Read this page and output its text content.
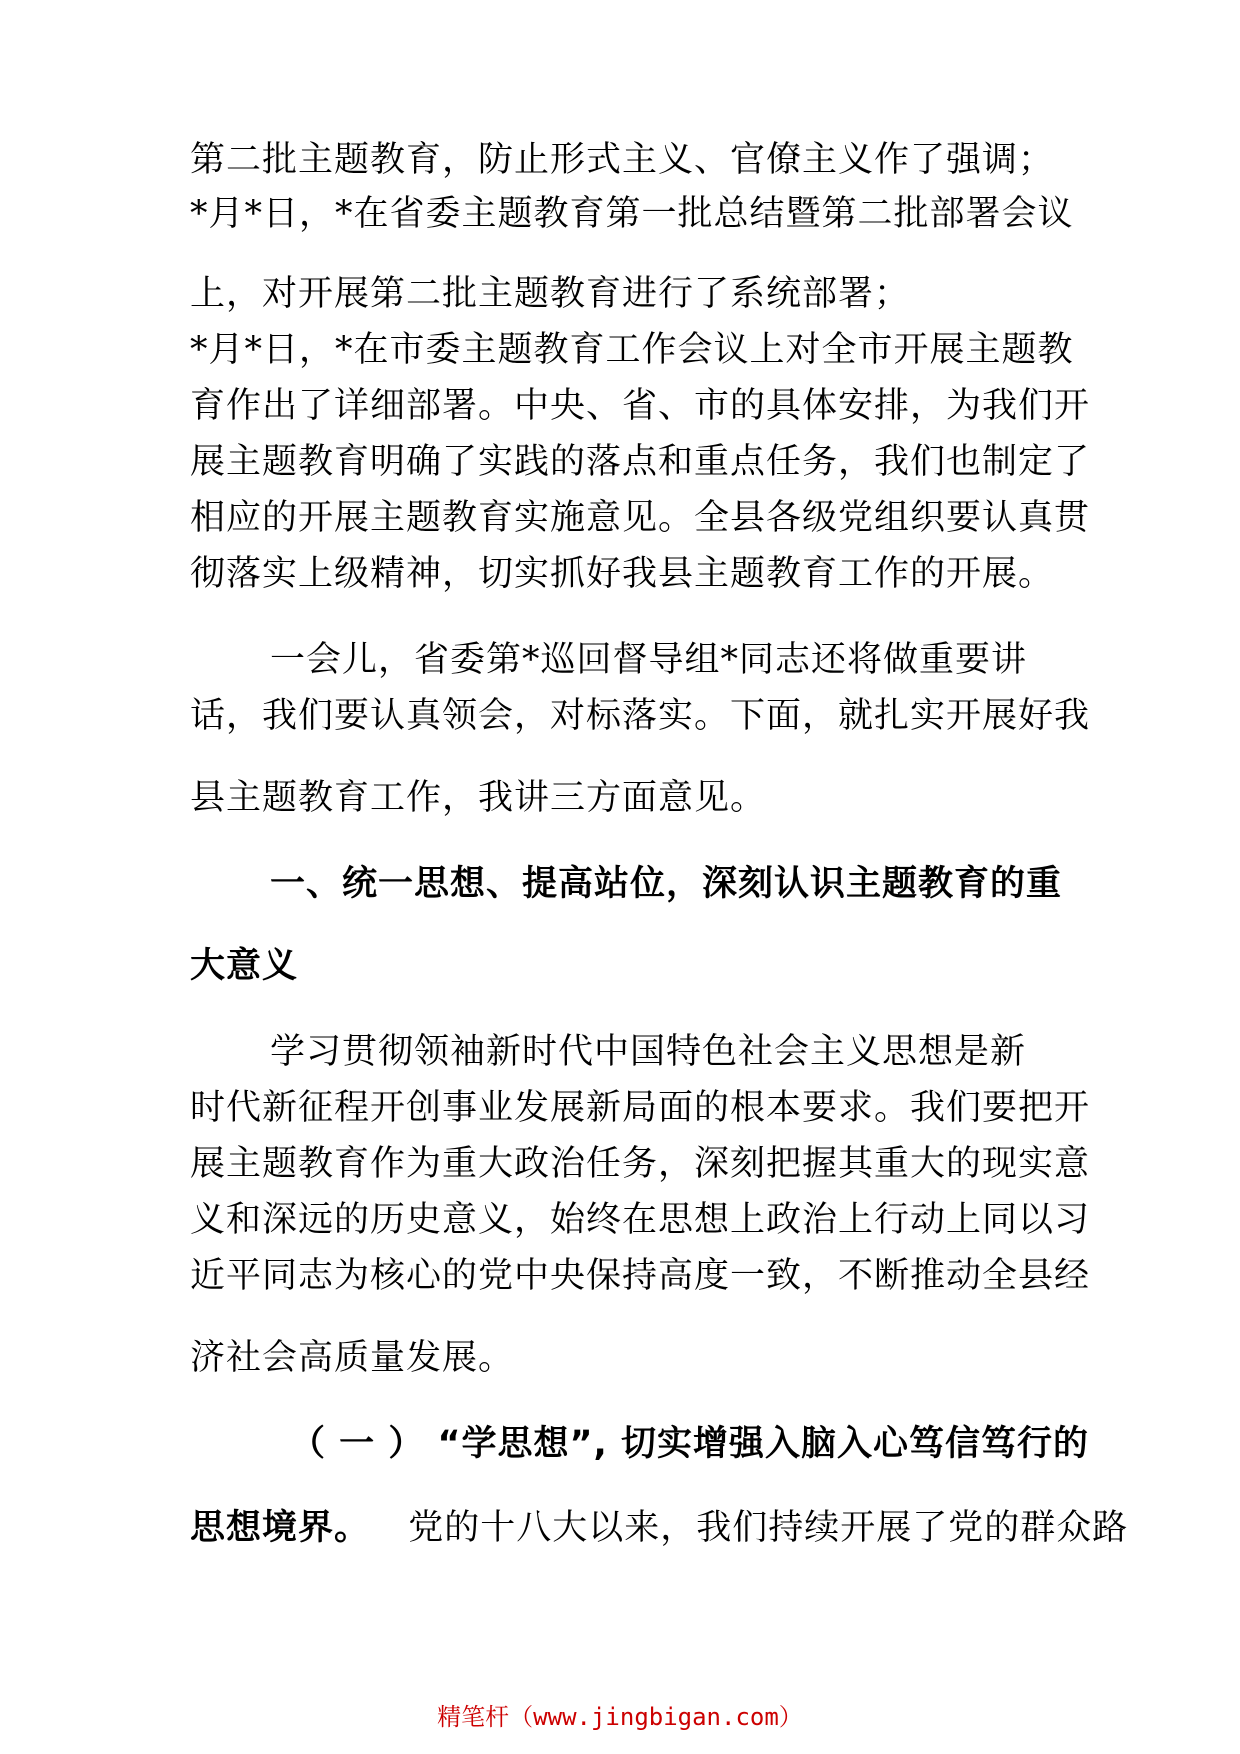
第二批主题教育，防止形式主义、官僚主义作了强调；
*月*日，*在省委主题教育第一批总结暨第二批部署会议
上，对开展第二批主题教育进行了系统部署；
*月*日，*在市委主题教育工作会议上对全市开展主题教
育作出了详细部署。中央、省、市的具体安排，为我们开
展主题教育明确了实践的落点和重点任务，我们也制定了
相应的开展主题教育实施意见。全县各级党组织要认真贯
彻落实上级精神，切实抓好我县主题教育工作的开展。
一会儿，省委第*巡回督导组*同志还将做重要讲
话，我们要认真领会，对标落实。下面，就扎实开展好我
县主题教育工作，我讲三方面意见。
一、统一思想、提高站位，深刻认识主题教育的重
大意义
学习贯彻领袖新时代中国特色社会主义思想是新
时代新征程开创事业发展新局面的根本要求。我们要把开
展主题教育作为重大政治任务，深刻把握其重大的现实意
义和深远的历史意义，始终在思想上政治上行动上同以习
近平同志为核心的党中央保持高度一致，不断推动全县经
济社会高质量发展。
（ 一 ） “学思想”, 切实增强入脑入心笃信笃行的
思想境界。 党的十八大以来，我们持续开展了党的群众路
精笔杆（www.jingbigan.com）
